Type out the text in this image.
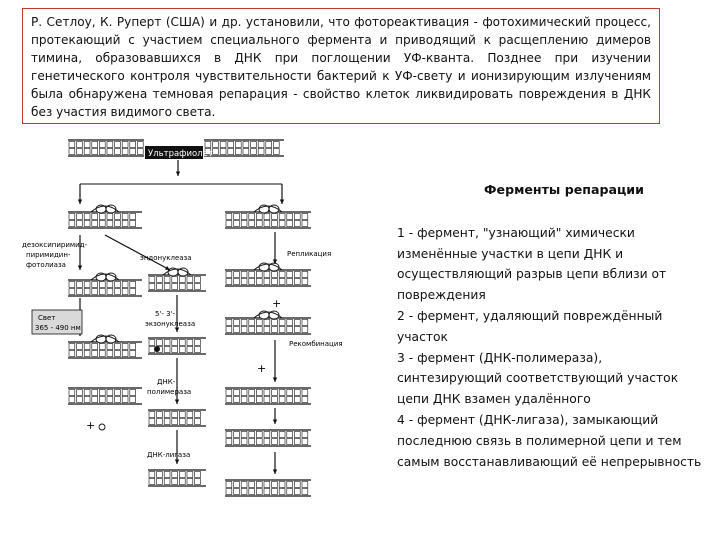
Ультрафиолет
дезоксипиримид-
пиримидин-
фотолиаза
эндонуклеаза	Репликация
Свет
365 - 490 нм
5'- 3'-
экзонуклеаза
Рекомбинация
ДНК-
полимераза
ДНК-лигаза
+
+
+
Р. Сетлоу, К. Руперт (США) и др. установили, что фотореактивация - фотохимический процесс, протекающий с участием специального фермента и приводящий к расщеплению димеров тимина, образовавшихся в ДНК при поглощении УФ-кванта. Позднее при изучении генетического контроля чувствительности бактерий к УФ-свету и ионизирующим излучениям была обнаружена темновая репарация - свойство клеток ликвидировать повреждения в ДНК без участия видимого света.

Ферменты репарации

1 - фермент, "узнающий" химически изменённые участки в цепи ДНК и осуществляющий разрыв цепи вблизи от повреждения

2 - фермент, удаляющий повреждённый участок

3 - фермент (ДНК-полимераза), синтезирующий соответствующий участок цепи ДНК взамен удалённого

4 - фермент (ДНК-лигаза), замыкающий последнюю связь в полимерной цепи и тем самым восстанавливающий её непрерывность
